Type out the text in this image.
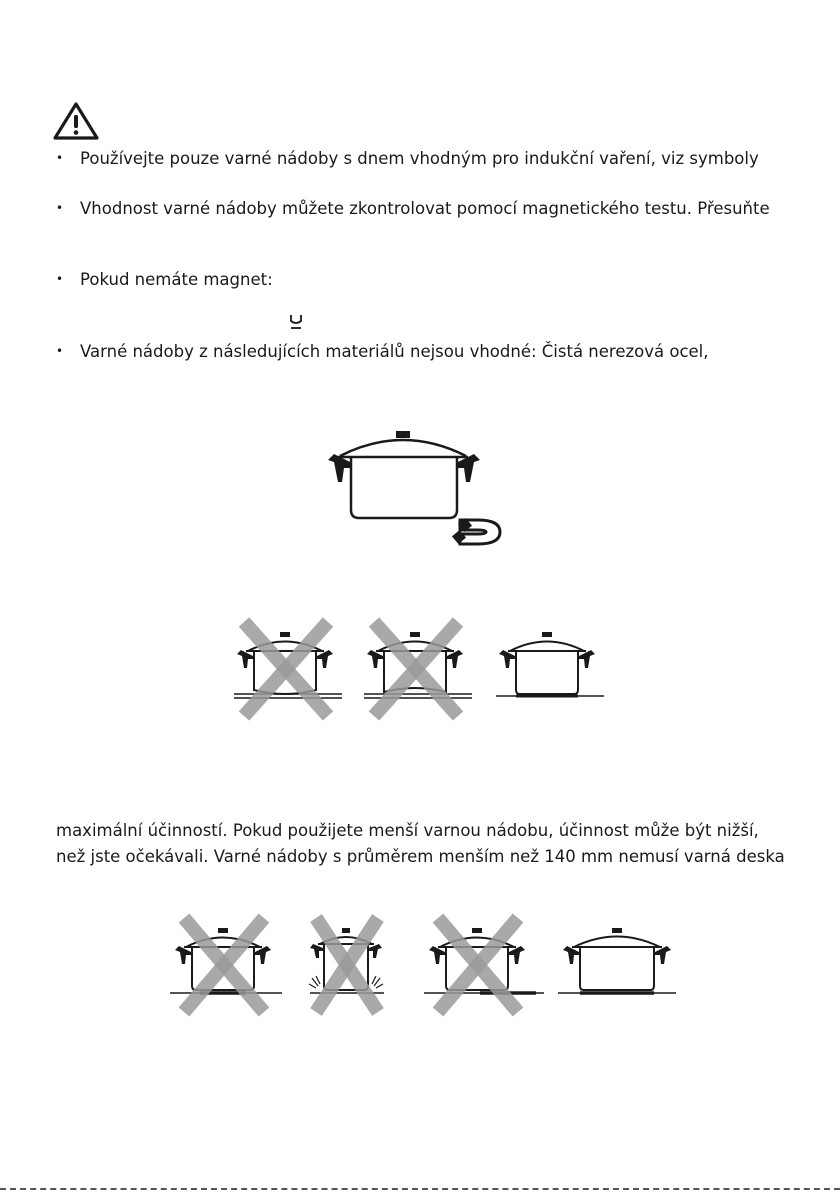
• Používejte pouze varné nádoby s dnem vhodným pro indukční vaření, viz symboly
• Vhodnost varné nádoby můžete zkontrolovat pomocí magnetického testu. Přesuňte
• Pokud nemáte magnet:
• Varné nádoby z následujících materiálů nejsou vhodné: Čistá nerezová ocel,
maximální účinností. Pokud použijete menší varnou nádobu, účinnost může být nižší,
než jste očekávali. Varné nádoby s průměrem menším než 140 mm nemusí varná deska
